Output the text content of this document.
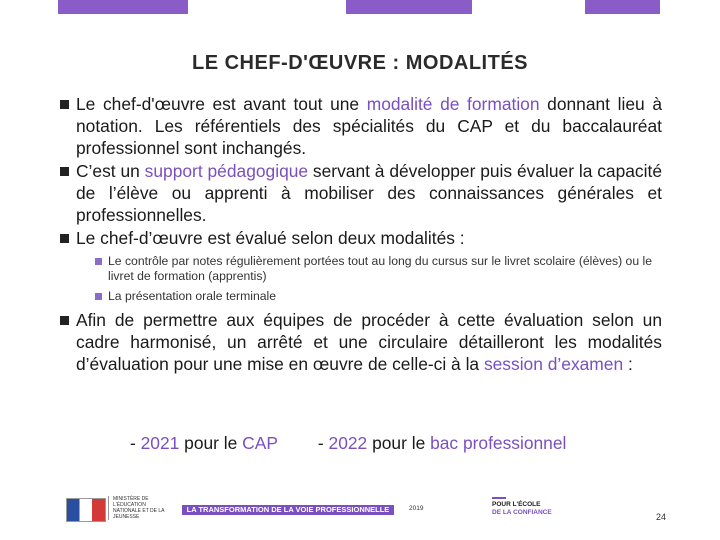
LE CHEF-D'ŒUVRE : MODALITÉS
Le chef-d'œuvre est avant tout une modalité de formation donnant lieu à notation. Les référentiels des spécialités du CAP et du baccalauréat professionnel sont inchangés.
C’est un support pédagogique servant à développer puis évaluer la capacité de l’élève ou apprenti à mobiliser des connaissances générales et professionnelles.
Le chef-d’œuvre est évalué selon deux modalités :
Le contrôle par notes régulièrement portées tout au long du cursus sur le livret scolaire (élèves) ou le livret de formation (apprentis)
La présentation orale terminale
Afin de permettre aux équipes de procéder à cette évaluation selon un cadre harmonisé, un arrêté et une circulaire détailleront les modalités d’évaluation pour une mise en œuvre de celle-ci à la session d’examen :
- 2021 pour le CAP - 2022 pour le bac professionnel
MINISTÈRE DE L'ÉDUCATION NATIONALE ET DE LA JEUNESSE
LA TRANSFORMATION DE LA VOIE PROFESSIONNELLE	2019
POUR L'ÉCOLE
DE LA CONFIANCE	24
